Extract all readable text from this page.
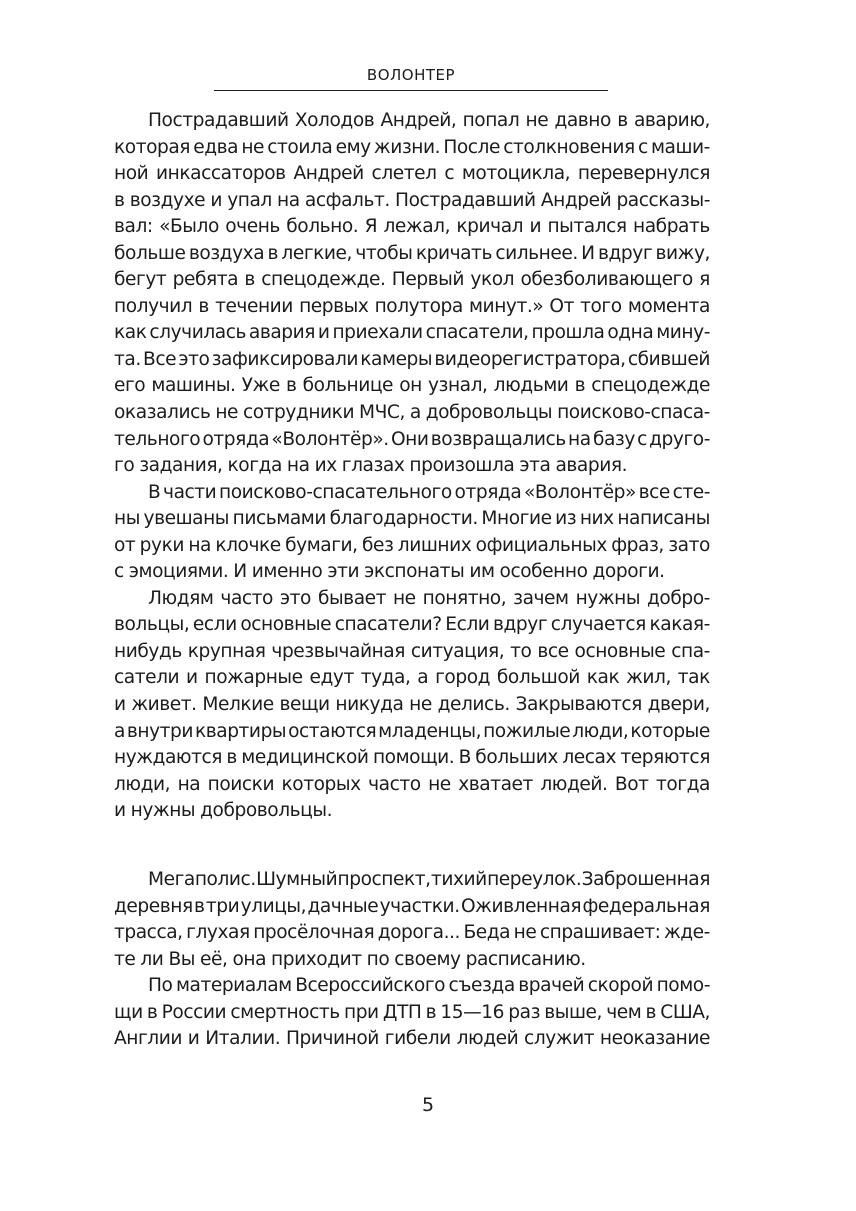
ВОЛОНТЕР
Пострадавший Холодов Андрей, попал не давно в аварию,
которая едва не стоила ему жизни. После столкновения с маши-
ной инкассаторов Андрей слетел с мотоцикла, перевернулся
в воздухе и упал на асфальт. Пострадавший Андрей рассказы-
вал: «Было очень больно. Я лежал, кричал и пытался набрать
больше воздуха в легкие, чтобы кричать сильнее. И вдруг вижу,
бегут ребята в спецодежде. Первый укол обезболивающего я
получил в течении первых полутора минут.» От того момента
как случилась авария и приехали спасатели, прошла одна мину-
та. Все это зафиксировали камеры видеорегистратора, сбившей
его машины. Уже в больнице он узнал, людьми в спецодежде
оказались не сотрудники МЧС, а добровольцы поисково-спаса-
тельного отряда «Волонтёр». Они возвращались на базу с друго-
го задания, когда на их глазах произошла эта авария.
В части поисково-спасательного отряда «Волонтёр» все сте-
ны увешаны письмами благодарности. Многие из них написаны
от руки на клочке бумаги, без лишних официальных фраз, зато
с эмоциями. И именно эти экспонаты им особенно дороги.
Людям часто это бывает не понятно, зачем нужны добро-
вольцы, если основные спасатели? Если вдруг случается какая-
нибудь крупная чрезвычайная ситуация, то все основные спа-
сатели и пожарные едут туда, а город большой как жил, так
и живет. Мелкие вещи никуда не делись. Закрываются двери,
а внутри квартиры остаются младенцы, пожилые люди, которые
нуждаются в медицинской помощи. В больших лесах теряются
люди, на поиски которых часто не хватает людей. Вот тогда
и нужны добровольцы.
Мегаполис. Шумный проспект, тихий переулок. Заброшенная
деревня в три улицы, дачные участки. Оживленная федеральная
трасса, глухая просёлочная дорога... Беда не спрашивает: жде-
те ли Вы её, она приходит по своему расписанию.
По материалам Всероссийского съезда врачей скорой помо-
щи в России смертность при ДТП в 15—16 раз выше, чем в США,
Англии и Италии. Причиной гибели людей служит неоказание
5
